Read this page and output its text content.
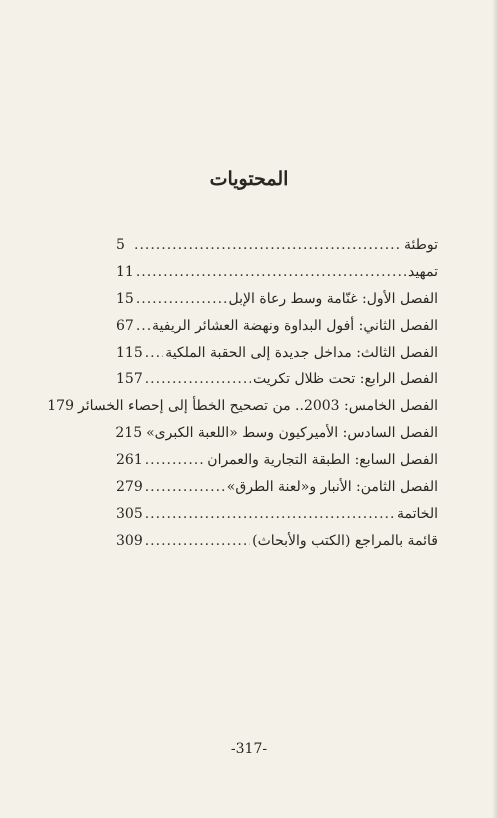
المحتويات
توطئة
.....
5
تمهيد
.....
11
الفصل الأول: غنّامة وسط رعاة الإبل
.....
15
الفصل الثاني: أفول البداوة ونهضة العشائر الريفية
.....
67
الفصل الثالث: مداخل جديدة إلى الحقبة الملكية
.....
115
الفصل الرابع: تحت ظلال تكريت
.....
157
الفصل الخامس: 2003.. من تصحيح الخطأ إلى إحصاء الخسائر
179
الفصل السادس: الأميركيون وسط «اللعبة الكبرى»
215
الفصل السابع: الطبقة التجارية والعمران
.....
261
الفصل الثامن: الأنبار و«لعنة الطرق»
.....
279
الخاتمة
.....
305
قائمة بالمراجع (الكتب والأبحاث)
.....
309
-317-
